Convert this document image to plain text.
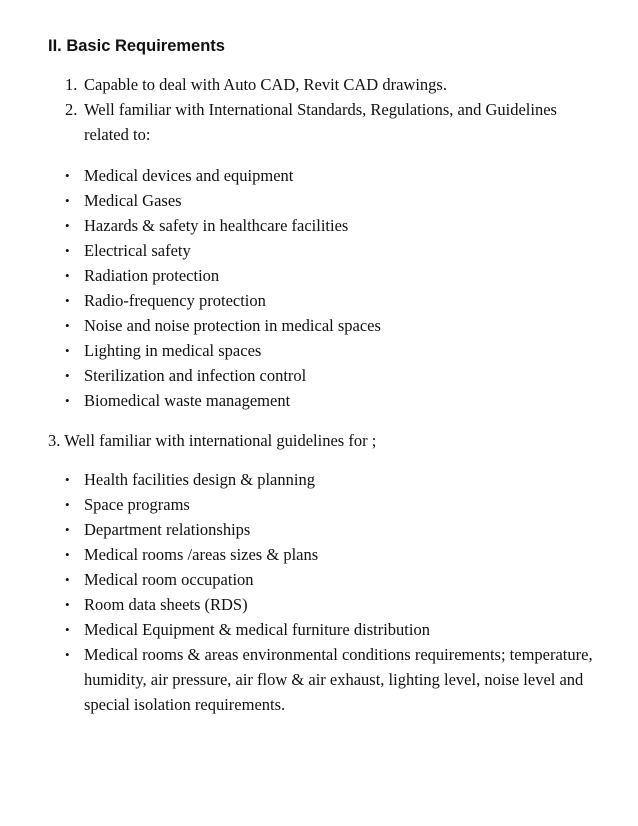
II. Basic Requirements
1. Capable to deal with Auto CAD, Revit CAD drawings.
2. Well familiar with International Standards, Regulations, and Guidelines related to:
• Medical devices and equipment
• Medical Gases
• Hazards & safety in healthcare facilities
• Electrical safety
• Radiation protection
• Radio-frequency protection
• Noise and noise protection in medical spaces
• Lighting in medical spaces
• Sterilization and infection control
• Biomedical waste management

3. Well familiar with international guidelines for ;

• Health facilities design & planning
• Space programs
• Department relationships
• Medical rooms /areas sizes & plans
• Medical room occupation
• Room data sheets (RDS)
• Medical Equipment & medical furniture distribution
• Medical rooms & areas environmental conditions requirements; temperature, humidity, air pressure, air flow & air exhaust, lighting level, noise level and special isolation requirements.
